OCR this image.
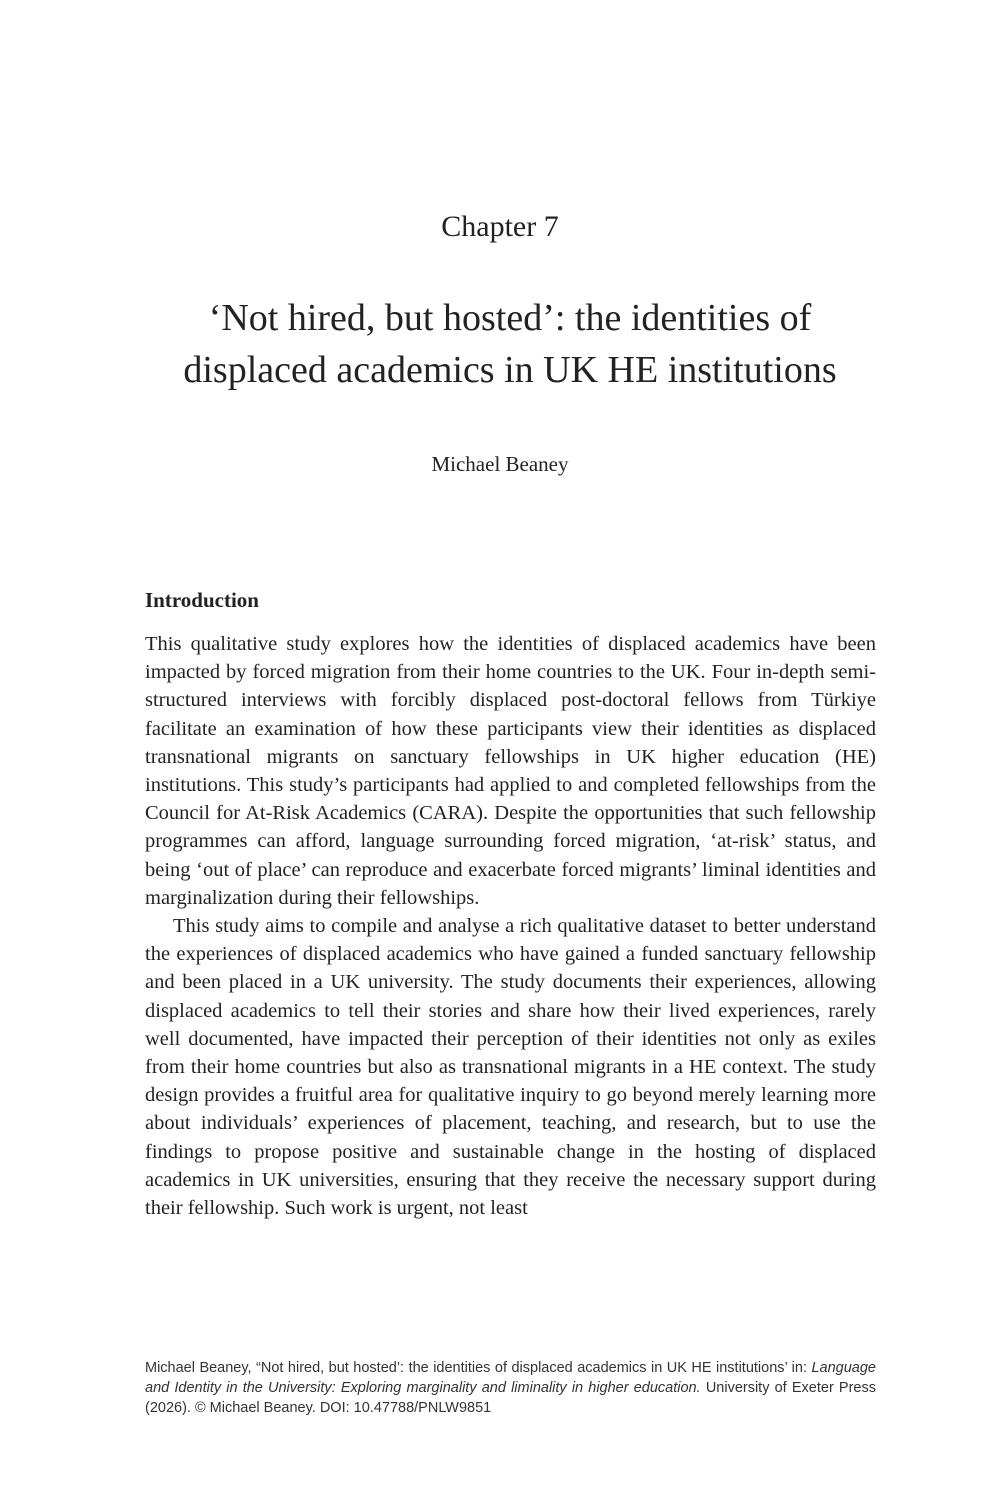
Chapter 7
‘Not hired, but hosted’: the identities of displaced academics in UK HE institutions
Michael Beaney
Introduction

This qualitative study explores how the identities of displaced academics have been impacted by forced migration from their home countries to the UK. Four in-depth semi-structured interviews with forcibly displaced post-doctoral fellows from Türkiye facilitate an examination of how these participants view their identities as displaced transnational migrants on sanctuary fellowships in UK higher education (HE) institutions. This study’s participants had applied to and completed fellowships from the Council for At-Risk Academics (CARA). Despite the opportunities that such fellowship programmes can afford, language surrounding forced migration, ‘at-risk’ status, and being ‘out of place’ can reproduce and exacerbate forced migrants’ liminal identities and marginalization during their fellowships.

This study aims to compile and analyse a rich qualitative dataset to better understand the experiences of displaced academics who have gained a funded sanctuary fellowship and been placed in a UK university. The study documents their experiences, allowing displaced academics to tell their stories and share how their lived experiences, rarely well documented, have impacted their perception of their identities not only as exiles from their home countries but also as transnational migrants in a HE context. The study design provides a fruitful area for qualitative inquiry to go beyond merely learning more about individuals’ experiences of placement, teaching, and research, but to use the findings to propose positive and sustainable change in the hosting of displaced academics in UK universities, ensuring that they receive the necessary support during their fellowship. Such work is urgent, not least

Michael Beaney, “Not hired, but hosted’: the identities of displaced academics in UK HE institutions’ in: Language and Identity in the University: Exploring marginality and liminality in higher education. University of Exeter Press (2026). © Michael Beaney. DOI: 10.47788/PNLW9851
